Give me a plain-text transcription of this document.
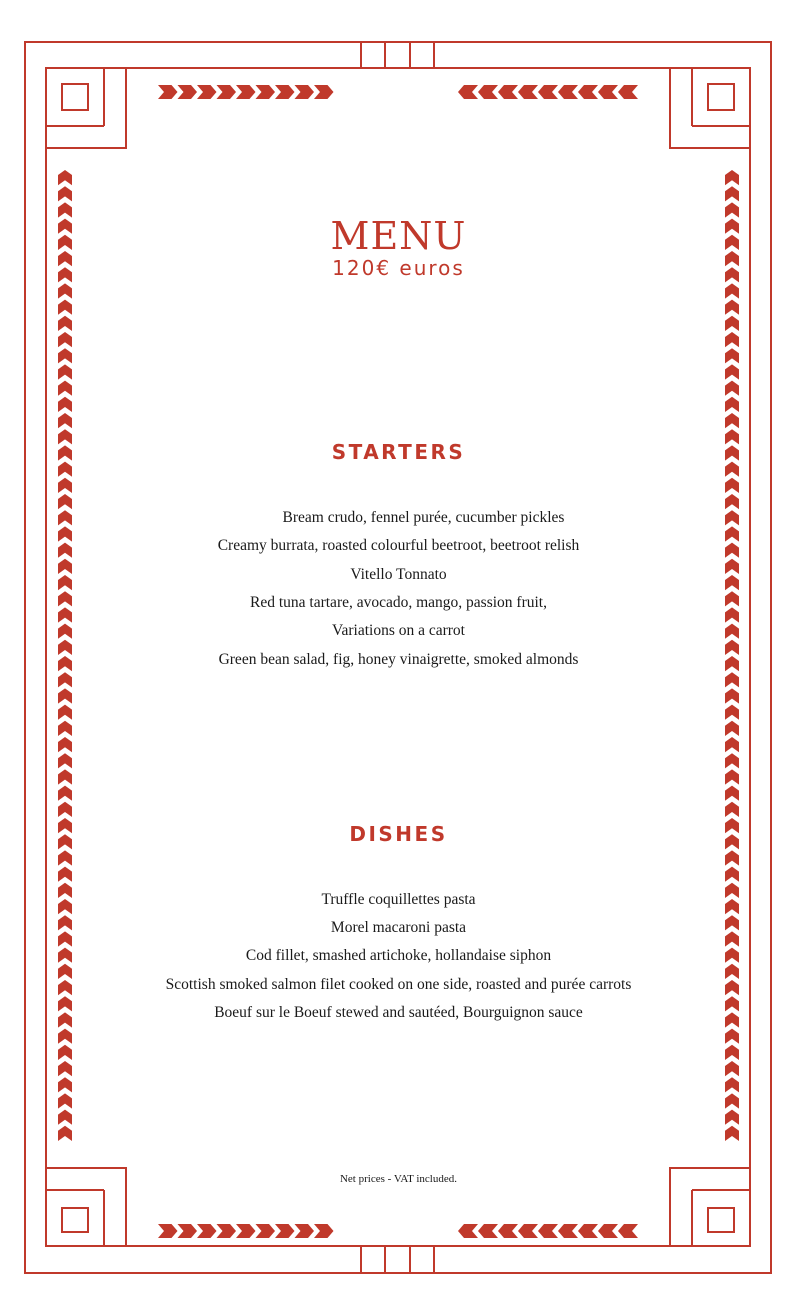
MENU
120€ euros
STARTERS
Bream crudo, fennel purée, cucumber pickles
Creamy burrata, roasted colourful beetroot, beetroot relish
Vitello Tonnato
Red tuna tartare, avocado, mango, passion fruit,
Variations on a carrot
Green bean salad, fig, honey vinaigrette, smoked almonds
DISHES
Truffle coquillettes pasta
Morel macaroni pasta
Cod fillet, smashed artichoke, hollandaise siphon
Scottish smoked salmon filet cooked on one side, roasted and purée carrots
Boeuf sur le Boeuf stewed and sautéed, Bourguignon sauce
Net prices - VAT included.
